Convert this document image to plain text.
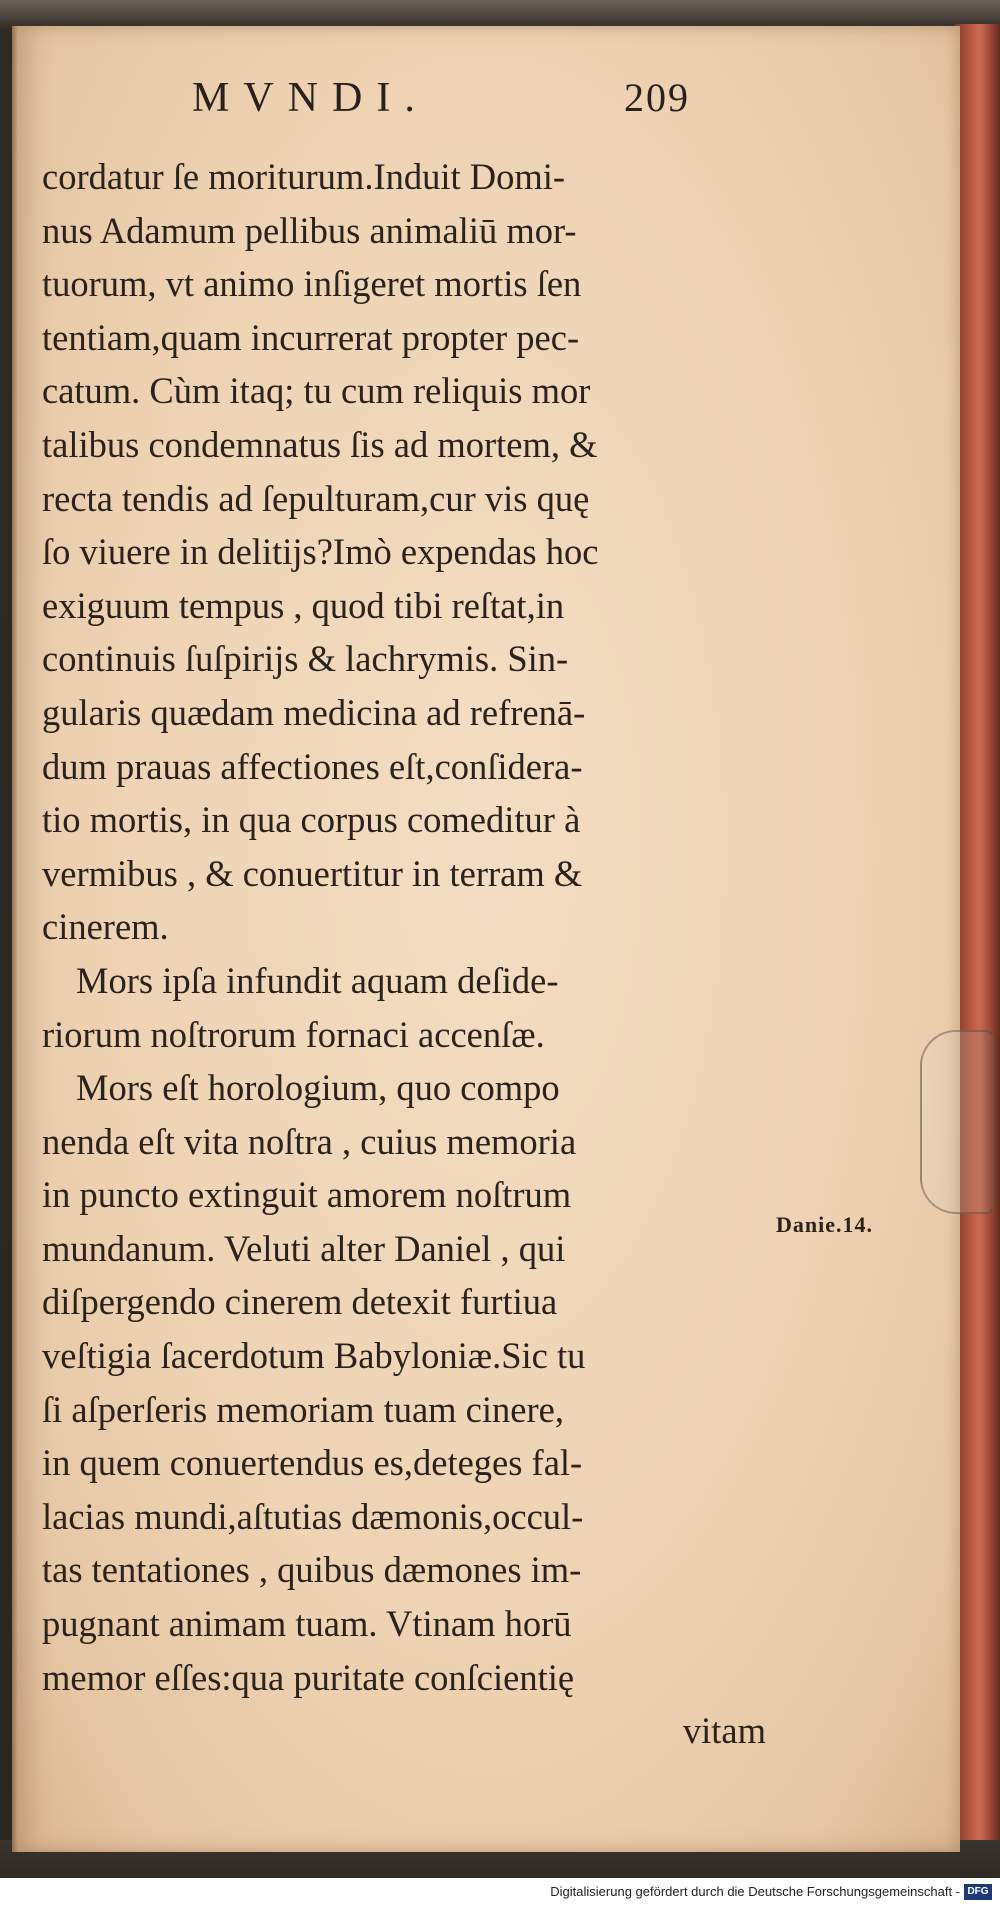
MVNDI.	209
cordatur ſe moriturum.Induit Domi-
nus Adamum pellibus animaliū mor-
tuorum, vt animo inſigeret mortis ſen
tentiam,quam incurrerat propter pec-
catum. Cùm itaq; tu cum reliquis mor
talibus condemnatus ſis ad mortem, &
recta tendis ad ſepulturam,cur vis quę
ſo viuere in delitijs?Imò expendas hoc
exiguum tempus , quod tibi reſtat,in
continuis ſuſpirijs & lachrymis. Sin-
gularis quædam medicina ad refrenā-
dum prauas affectiones eſt,conſidera-
tio mortis, in qua corpus comeditur à
vermibus , & conuertitur in terram &
cinerem.
Mors ipſa infundit aquam deſide-
riorum noſtrorum fornaci accenſæ.
Mors eſt horologium, quo compo
nenda eſt vita noſtra , cuius memoria
in puncto extinguit amorem noſtrum
mundanum. Veluti alter Daniel , qui
diſpergendo cinerem detexit furtiua
veſtigia ſacerdotum Babyloniæ.Sic tu
ſi aſperſeris memoriam tuam cinere,
in quem conuertendus es,deteges fal-
lacias mundi,aſtutias dæmonis,occul-
tas tentationes , quibus dæmones im-
pugnant animam tuam. Vtinam horū
memor eſſes:qua puritate conſcientię
vitam
Danie.14.
Digitalisierung gefördert durch die Deutsche Forschungsgemeinschaft - DFG
